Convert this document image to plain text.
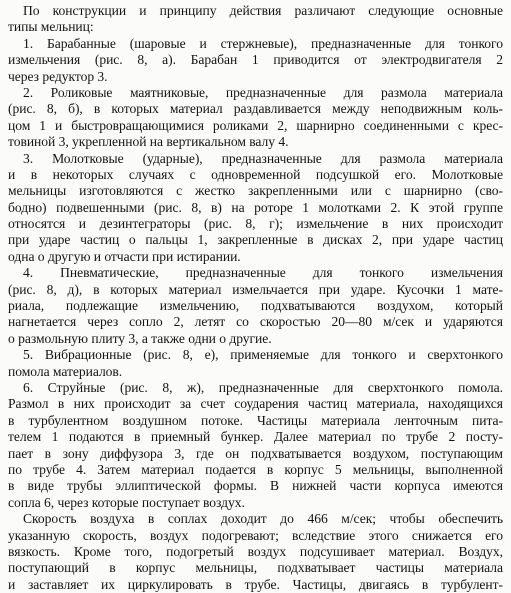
По конструкции и принципу действия различают следующие основные
типы мельниц:
1. Барабанные (шаровые и стержневые), предназначенные для тонкого
измельчения (рис. 8, а). Барабан 1 приводится от электродвигателя 2
через редуктор 3.
2. Роликовые маятниковые, предназначенные для размола материала
(рис. 8, б), в которых материал раздавливается между неподвижным коль-
цом 1 и быстровращающимися роликами 2, шарнирно соединенными с крес-
товиной 3, укрепленной на вертикальном валу 4.
3. Молотковые (ударные), предназначенные для размола материала
и в некоторых случаях с одновременной подсушкой его. Молотковые
мельницы изготовляются с жестко закрепленными или с шарнирно (сво-
бодно) подвешенными (рис. 8, в) на роторе 1 молотками 2. К этой группе
относятся и дезинтеграторы (рис. 8, г); измельчение в них происходит
при ударе частиц о пальцы 1, закрепленные в дисках 2, при ударе частиц
одна о другую и отчасти при истирании.
4. Пневматические, предназначенные для тонкого измельчения
(рис. 8, д), в которых материал измельчается при ударе. Кусочки 1 мате-
риала, подлежащие измельчению, подхватываются воздухом, который
нагнетается через сопло 2, летят со скоростью 20—80 м/сек и ударяются
о размольную плиту 3, а также одни о другие.
5. Вибрационные (рис. 8, е), применяемые для тонкого и сверхтонкого
помола материалов.
6. Струйные (рис. 8, ж), предназначенные для сверхтонкого помола.
Размол в них происходит за счет соударения частиц материала, находящихся
в турбулентном воздушном потоке. Частицы материала ленточным пита-
телем 1 подаются в приемный бункер. Далее материал по трубе 2 посту-
пает в зону диффузора 3, где он подхватывается воздухом, поступающим
по трубе 4. Затем материал подается в корпус 5 мельницы, выполненной
в виде трубы эллиптической формы. В нижней части корпуса имеются
сопла 6, через которые поступает воздух.
Скорость воздуха в соплах доходит до 466 м/сек; чтобы обеспечить
указанную скорость, воздух подогревают; вследствие этого снижается его
вязкость. Кроме того, подогретый воздух подсушивает материал. Воздух,
поступающий в корпус мельницы, подхватывает частицы материала
и заставляет их циркулировать в трубе. Частицы, двигаясь в турбулент-
